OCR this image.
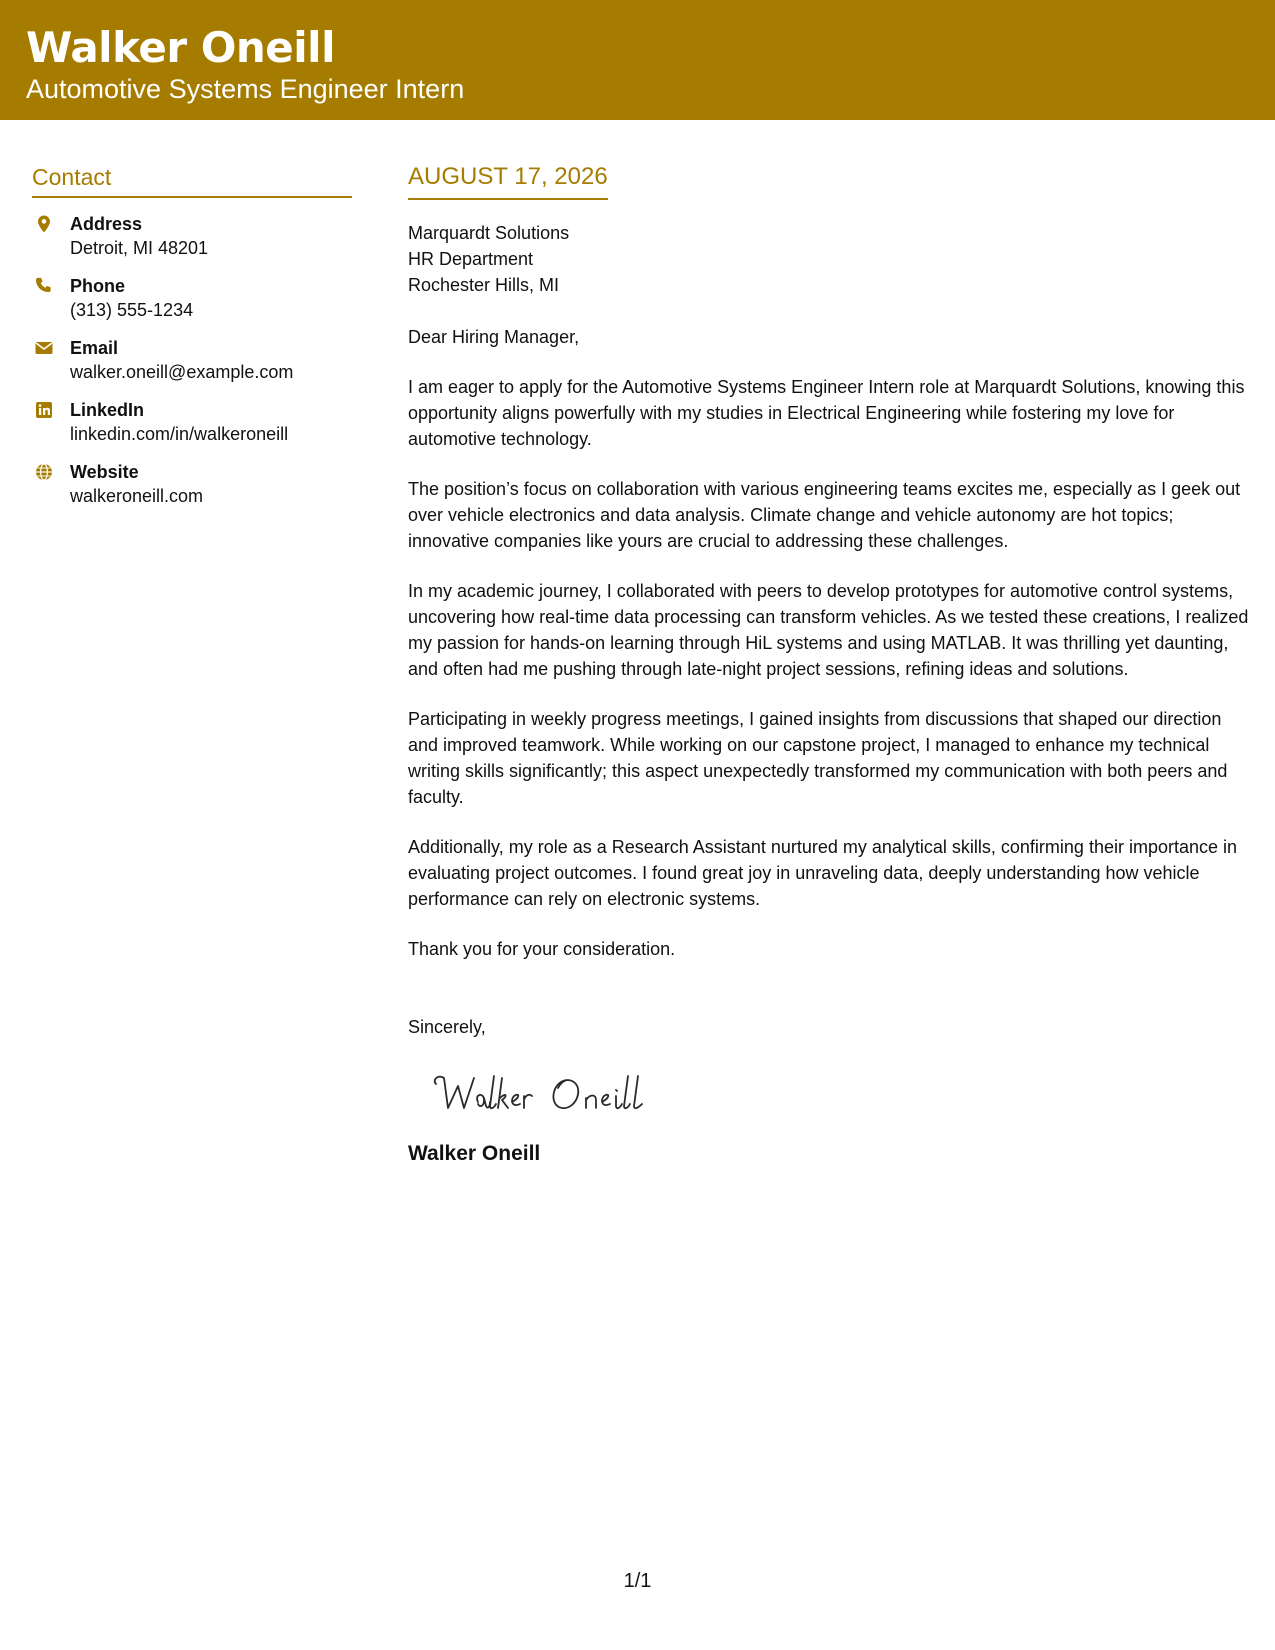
Walker Oneill
Automotive Systems Engineer Intern
Contact
Address
Detroit, MI 48201
Phone
(313) 555-1234
Email
walker.oneill@example.com
LinkedIn
linkedin.com/in/walkeroneill
Website
walkeroneill.com
AUGUST 17, 2026
Marquardt Solutions
HR Department
Rochester Hills, MI
Dear Hiring Manager,
I am eager to apply for the Automotive Systems Engineer Intern role at Marquardt Solutions, knowing this opportunity aligns powerfully with my studies in Electrical Engineering while fostering my love for automotive technology.
The position’s focus on collaboration with various engineering teams excites me, especially as I geek out over vehicle electronics and data analysis. Climate change and vehicle autonomy are hot topics; innovative companies like yours are crucial to addressing these challenges.
In my academic journey, I collaborated with peers to develop prototypes for automotive control systems, uncovering how real-time data processing can transform vehicles. As we tested these creations, I realized my passion for hands-on learning through HiL systems and using MATLAB. It was thrilling yet daunting, and often had me pushing through late-night project sessions, refining ideas and solutions.
Participating in weekly progress meetings, I gained insights from discussions that shaped our direction and improved teamwork. While working on our capstone project, I managed to enhance my technical writing skills significantly; this aspect unexpectedly transformed my communication with both peers and faculty.
Additionally, my role as a Research Assistant nurtured my analytical skills, confirming their importance in evaluating project outcomes. I found great joy in unraveling data, deeply understanding how vehicle performance can rely on electronic systems.
Thank you for your consideration.
Sincerely,
Walker Oneill
1/1
